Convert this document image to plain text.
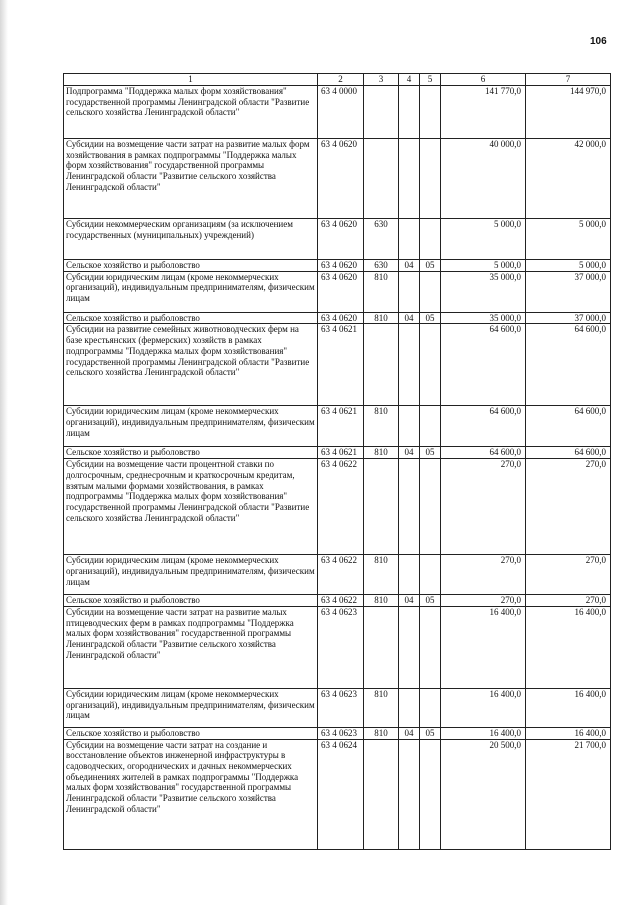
106
1	2	3	4	5	6	7
Подпрограмма "Поддержка малых форм хозяйствования" государственной программы Ленинградской области "Развитие сельского хозяйства Ленинградской области"	63 4 0000				141 770,0	144 970,0
Субсидии на возмещение части затрат на развитие малых форм хозяйствования в рамках подпрограммы "Поддержка малых форм хозяйствования" государственной программы Ленинградской области "Развитие сельского хозяйства Ленинградской области"	63 4 0620				40 000,0	42 000,0
Субсидии некоммерческим организациям (за исключением государственных (муниципальных) учреждений)	63 4 0620	630			5 000,0	5 000,0
Сельское хозяйство и рыболовство	63 4 0620	630	04	05	5 000,0	5 000,0
Субсидии юридическим лицам (кроме некоммерческих организаций), индивидуальным предпринимателям, физическим лицам	63 4 0620	810			35 000,0	37 000,0
Сельское хозяйство и рыболовство	63 4 0620	810	04	05	35 000,0	37 000,0
Субсидии на развитие семейных животноводческих ферм на базе крестьянских (фермерских) хозяйств в рамках подпрограммы "Поддержка малых форм хозяйствования" государственной программы Ленинградской области "Развитие сельского хозяйства Ленинградской области"	63 4 0621				64 600,0	64 600,0
Субсидии юридическим лицам (кроме некоммерческих организаций), индивидуальным предпринимателям, физическим лицам	63 4 0621	810			64 600,0	64 600,0
Сельское хозяйство и рыболовство	63 4 0621	810	04	05	64 600,0	64 600,0
Субсидии на возмещение части процентной ставки по долгосрочным, среднесрочным и краткосрочным кредитам, взятым малыми формами хозяйствования, в рамках подпрограммы "Поддержка малых форм хозяйствования" государственной программы Ленинградской области "Развитие сельского хозяйства Ленинградской области"	63 4 0622				270,0	270,0
Субсидии юридическим лицам (кроме некоммерческих организаций), индивидуальным предпринимателям, физическим лицам	63 4 0622	810			270,0	270,0
Сельское хозяйство и рыболовство	63 4 0622	810	04	05	270,0	270,0
Субсидии на возмещение части затрат на развитие малых птицеводческих ферм в рамках подпрограммы "Поддержка малых форм хозяйствования" государственной программы Ленинградской области "Развитие сельского хозяйства Ленинградской области"	63 4 0623				16 400,0	16 400,0
Субсидии юридическим лицам (кроме некоммерческих организаций), индивидуальным предпринимателям, физическим лицам	63 4 0623	810			16 400,0	16 400,0
Сельское хозяйство и рыболовство	63 4 0623	810	04	05	16 400,0	16 400,0
Субсидии на возмещение части затрат на создание и восстановление объектов инженерной инфраструктуры в садоводческих, огороднических и дачных некоммерческих объединениях жителей в рамках подпрограммы "Поддержка малых форм хозяйствования" государственной программы Ленинградской области "Развитие сельского хозяйства Ленинградской области"	63 4 0624				20 500,0	21 700,0
